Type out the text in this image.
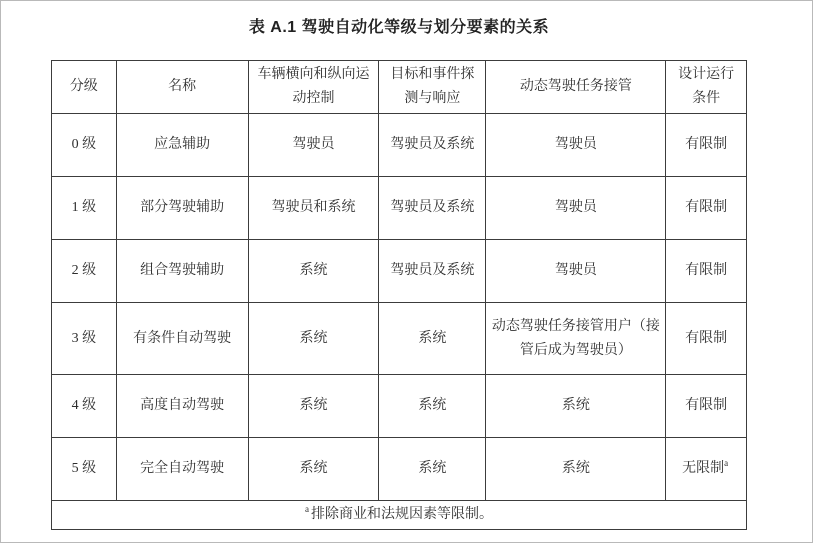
表 A.1 驾驶自动化等级与划分要素的关系
分级	名称	车辆横向和纵向运动控制	目标和事件探测与响应	动态驾驶任务接管	设计运行条件
0 级	应急辅助	驾驶员	驾驶员及系统	驾驶员	有限制
1 级	部分驾驶辅助	驾驶员和系统	驾驶员及系统	驾驶员	有限制
2 级	组合驾驶辅助	系统	驾驶员及系统	驾驶员	有限制
3 级	有条件自动驾驶	系统	系统	动态驾驶任务接管用户（接管后成为驾驶员）	有限制
4 级	高度自动驾驶	系统	系统	系统	有限制
5 级	完全自动驾驶	系统	系统	系统	无限制$^a$
$^a$ 排除商业和法规因素等限制。					
